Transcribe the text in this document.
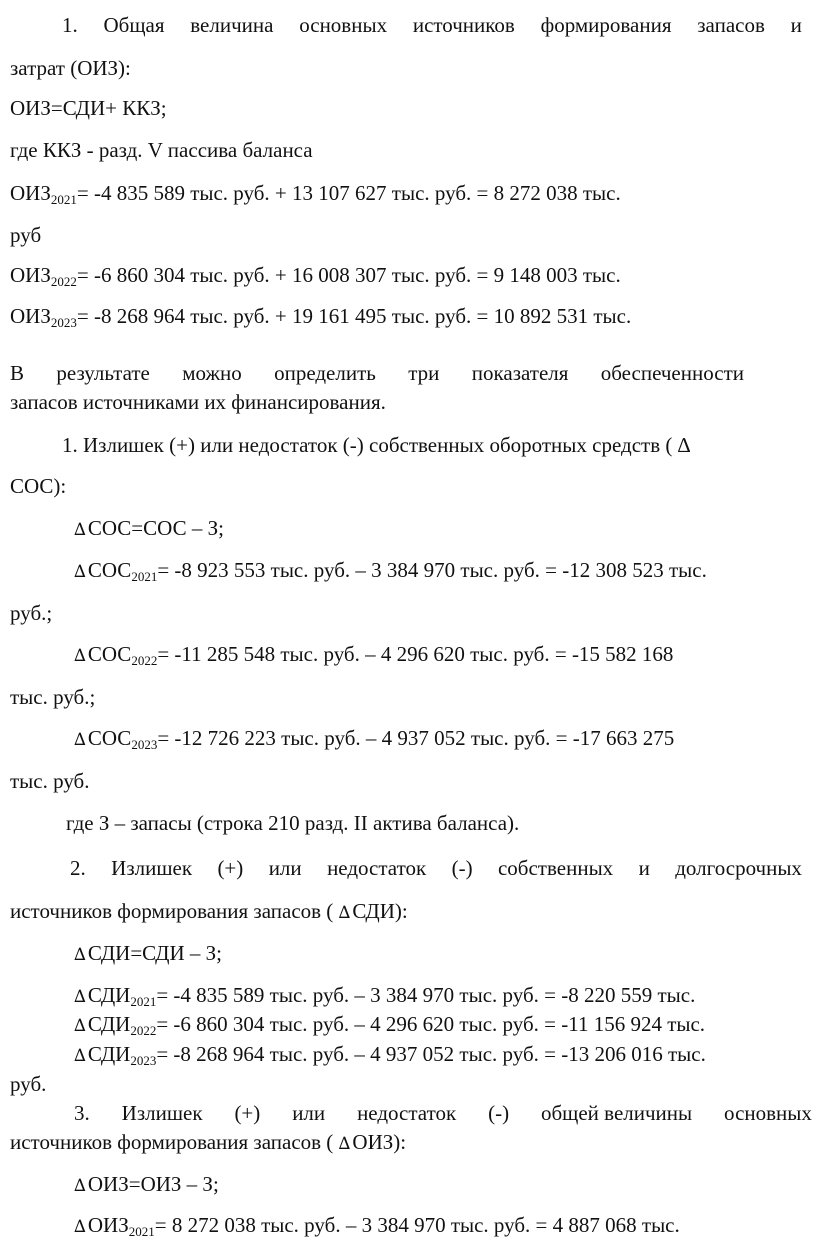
1. Общая величина основных источников формирования запасов и
затрат (ОИЗ):
ОИЗ=СДИ+ ККЗ;
где ККЗ - разд. V пассива баланса
$ОИЗ_{2021}= -4$ 835 589 тыс. руб. + 13 107 627 тыс. руб. = 8 272 038 тыс.
руб
$ОИЗ_{2022}= -6$ 860 304 тыс. руб. + 16 008 307 тыс. руб. = 9 148 003 тыс.
$ОИЗ_{2023}= -8$ 268 964 тыс. руб. + 19 161 495 тыс. руб. = 10 892 531 тыс.
В результате можно определить три показателя обеспеченности
запасов источниками их финансирования.
1. Излишек (+) или недостаток (-) собственных оборотных средств ( ∆
СОС):
∆СОС=СОС – З;
$\Delta СОС_{2021}= -8$ 923 553 тыс. руб. – 3 384 970 тыс. руб. = -12 308 523 тыс.
руб.;
$\Delta СОС_{2022}= -11$ 285 548 тыс. руб. – 4 296 620 тыс. руб. = -15 582 168
тыс. руб.;
$\Delta СОС_{2023}= -12$ 726 223 тыс. руб. – 4 937 052 тыс. руб. = -17 663 275
тыс. руб.
где З – запасы (строка 210 разд. II актива баланса).
2. Излишек (+) или недостаток (-) собственных и долгосрочных
источников формирования запасов ( ∆СДИ):
∆СДИ=СДИ – З;
$\Delta СДИ_{2021}= -4$ 835 589 тыс. руб. – 3 384 970 тыс. руб. = -8 220 559 тыс.
$\Delta СДИ_{2022}= -6$ 860 304 тыс. руб. – 4 296 620 тыс. руб. = -11 156 924 тыс.
$\Delta СДИ_{2023}= -8$ 268 964 тыс. руб. – 4 937 052 тыс. руб. = -13 206 016 тыс.
руб.
3. Излишек (+) или недостаток (-) общей величины основных
источников формирования запасов ( ∆ОИЗ):
∆ОИЗ=ОИЗ – З;
$\Delta ОИЗ_{2021}= 8$ 272 038 тыс. руб. – 3 384 970 тыс. руб. = 4 887 068 тыс.
